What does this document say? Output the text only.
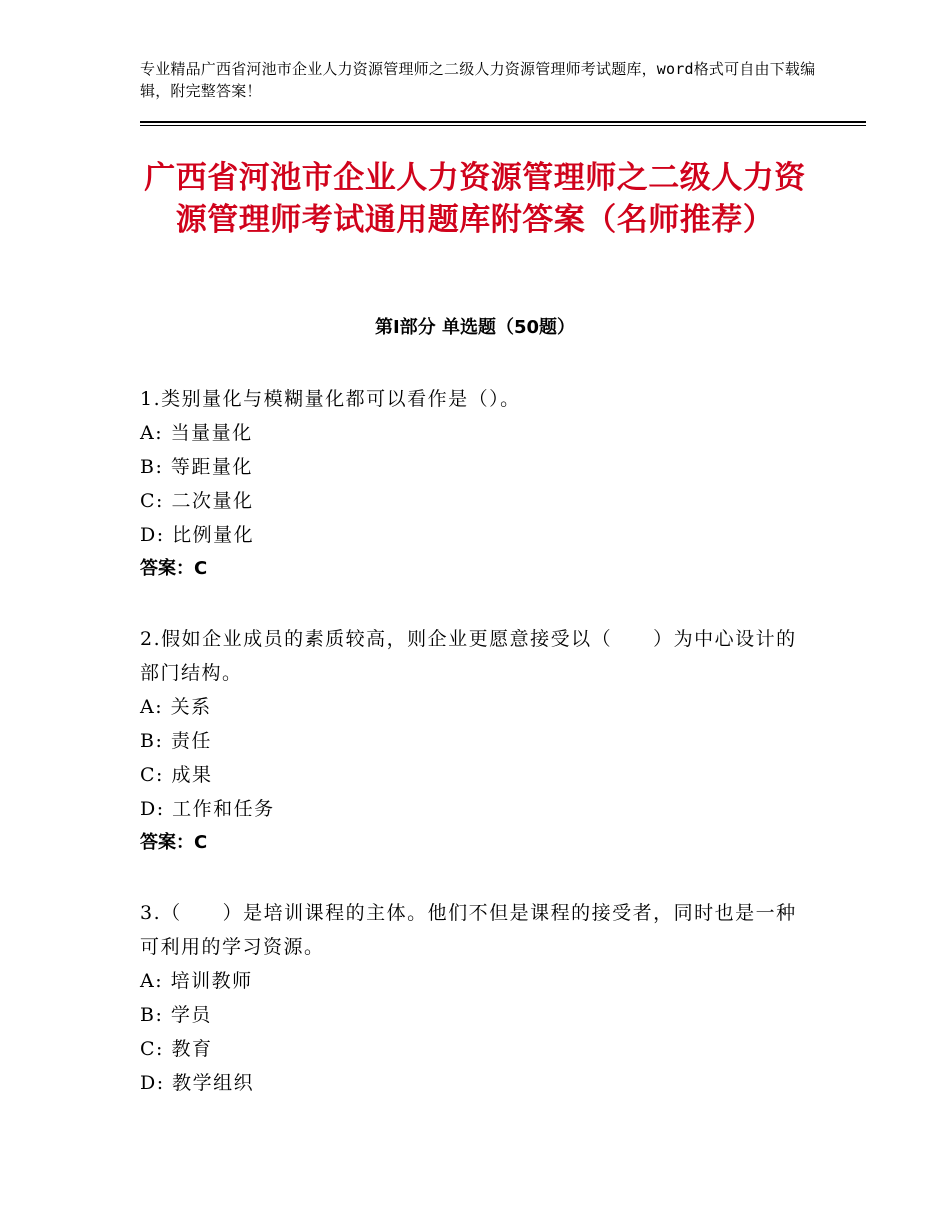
专业精品广西省河池市企业人力资源管理师之二级人力资源管理师考试题库，word格式可自由下载编辑，附完整答案！
广西省河池市企业人力资源管理师之二级人力资源管理师考试通用题库附答案（名师推荐）
第Ⅰ部分 单选题（50题）
1.类别量化与模糊量化都可以看作是（）。
A: 当量量化
B: 等距量化
C: 二次量化
D: 比例量化
答案：C
2.假如企业成员的素质较高，则企业更愿意接受以（　　）为中心设计的部门结构。
A: 关系
B: 责任
C: 成果
D: 工作和任务
答案：C
3.（　　）是培训课程的主体。他们不但是课程的接受者，同时也是一种可利用的学习资源。
A: 培训教师
B: 学员
C: 教育
D: 教学组织
